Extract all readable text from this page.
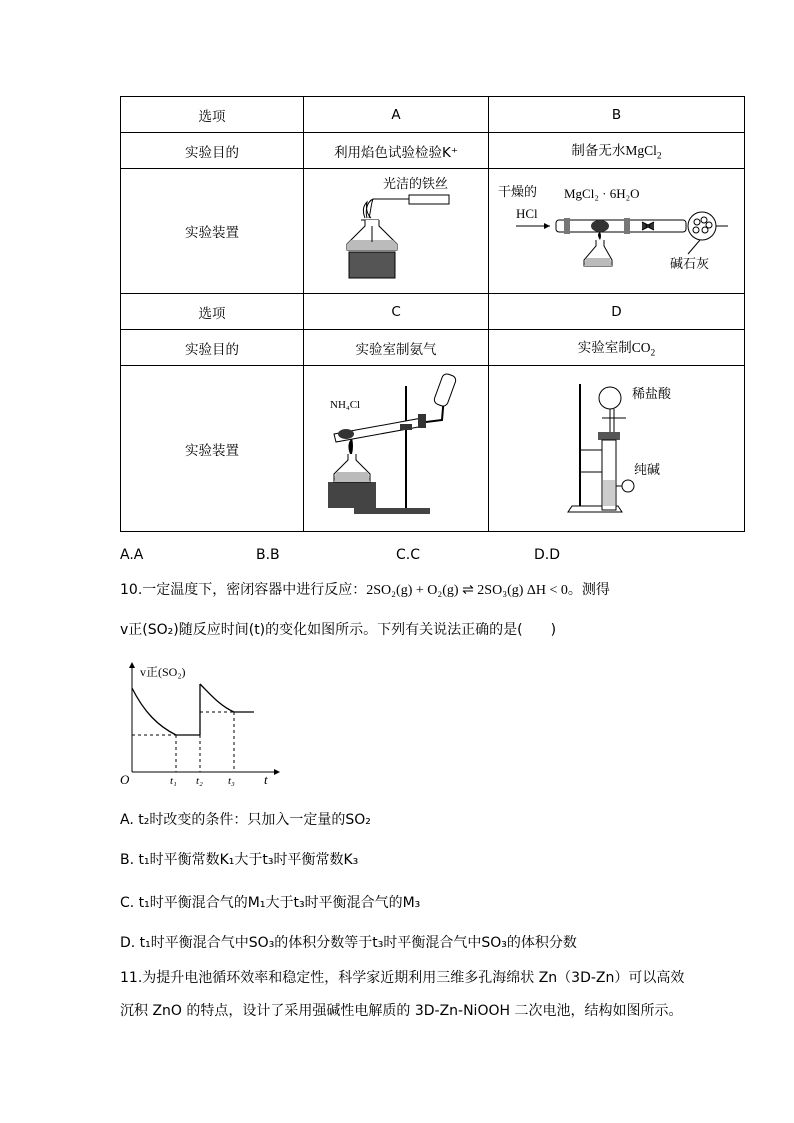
选项	A	B
实验目的	利用焰色试验检验K⁺	制备无水MgCl$_2$
实验装置	光洁的铁丝	干燥的
HCl
MgCl₂ · 6H₂O
碱石灰

选项	C	D
实验目的	实验室制氨气	实验室制$CO_2$
实验装置	NH₄Cl	稀盐酸
纯碱
A.A	B.B	C.C	D.D
10.一定温度下，密闭容器中进行反应：2SO₂(g) + O₂(g) ⇌ 2SO₃(g) ΔH < 0。测得
v正(SO₂)随反应时间(t)的变化如图所示。下列有关说法正确的是(　　)
v正(SO₂)
O	t
t₁ t₂ t₃
A. t₂时改变的条件：只加入一定量的SO₂
B. t₁时平衡常数K₁大于t₃时平衡常数K₃
C. t₁时平衡混合气的M₁大于t₃时平衡混合气的M₃
D. t₁时平衡混合气中SO₃的体积分数等于t₃时平衡混合气中SO₃的体积分数
11.为提升电池循环效率和稳定性，科学家近期利用三维多孔海绵状 Zn（3D-Zn）可以高效
沉积 ZnO 的特点，设计了采用强碱性电解质的 3D-Zn-NiOOH 二次电池，结构如图所示。
